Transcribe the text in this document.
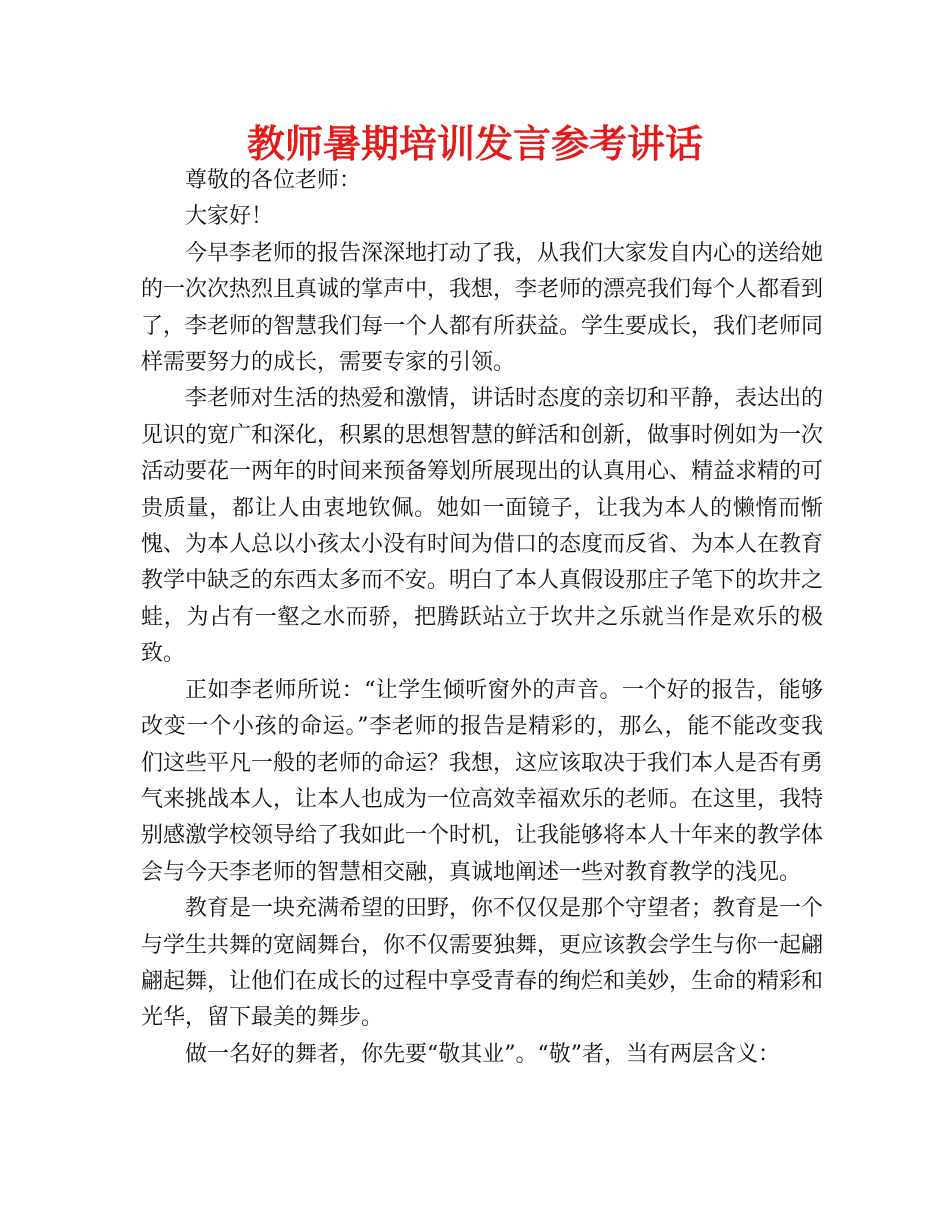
教师暑期培训发言参考讲话

尊敬的各位老师：

大家好！

今早李老师的报告深深地打动了我，从我们大家发自内心的送给她的一次次热烈且真诚的掌声中，我想，李老师的漂亮我们每个人都看到了，李老师的智慧我们每一个人都有所获益。学生要成长，我们老师同样需要努力的成长，需要专家的引领。

李老师对生活的热爱和激情，讲话时态度的亲切和平静，表达出的见识的宽广和深化，积累的思想智慧的鲜活和创新，做事时例如为一次活动要花一两年的时间来预备筹划所展现出的认真用心、精益求精的可贵质量，都让人由衷地钦佩。她如一面镜子，让我为本人的懒惰而惭愧、为本人总以小孩太小没有时间为借口的态度而反省、为本人在教育教学中缺乏的东西太多而不安。明白了本人真假设那庄子笔下的坎井之蛙，为占有一壑之水而骄，把腾跃站立于坎井之乐就当作是欢乐的极致。

正如李老师所说：“让学生倾听窗外的声音。一个好的报告，能够改变一个小孩的命运。”李老师的报告是精彩的，那么，能不能改变我们这些平凡一般的老师的命运？我想，这应该取决于我们本人是否有勇气来挑战本人，让本人也成为一位高效幸福欢乐的老师。在这里，我特别感激学校领导给了我如此一个时机，让我能够将本人十年来的教学体会与今天李老师的智慧相交融，真诚地阐述一些对教育教学的浅见。

教育是一块充满希望的田野，你不仅仅是那个守望者；教育是一个与学生共舞的宽阔舞台，你不仅需要独舞，更应该教会学生与你一起翩翩起舞，让他们在成长的过程中享受青春的绚烂和美妙，生命的精彩和光华，留下最美的舞步。

做一名好的舞者，你先要“敬其业”。“敬”者，当有两层含义：
